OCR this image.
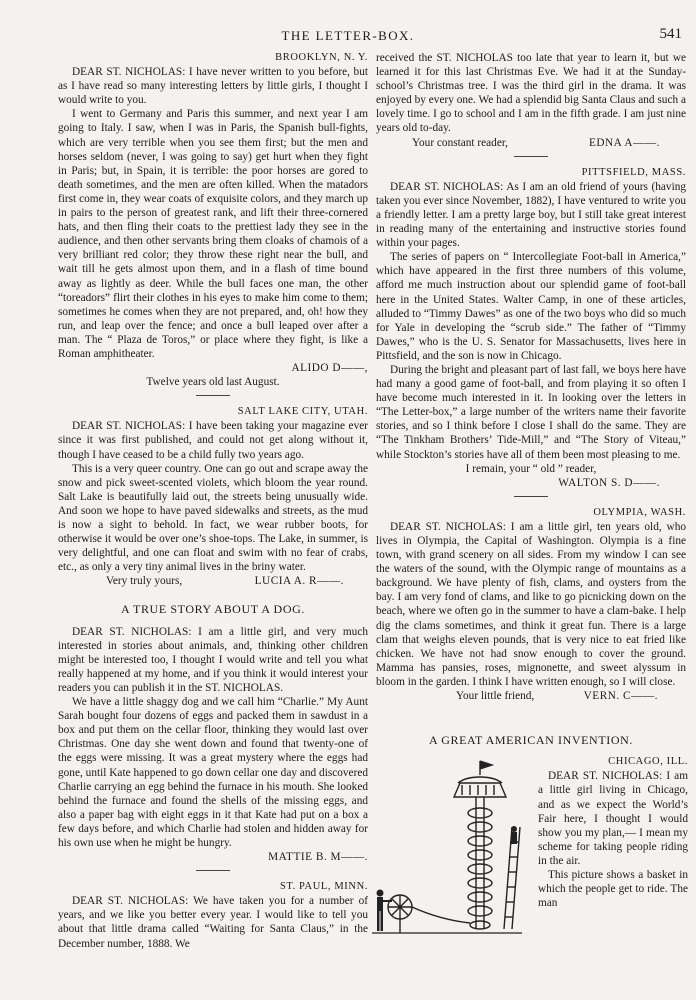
THE LETTER-BOX.	541

BROOKLYN, N. Y.

DEAR ST. NICHOLAS: I have never written to you before, but as I have read so many interesting letters by little girls, I thought I would write to you.

I went to Germany and Paris this summer, and next year I am going to Italy. I saw, when I was in Paris, the Spanish bull-fights, which are very terrible when you see them first; but the men and horses seldom (never, I was going to say) get hurt when they fight in Paris; but, in Spain, it is terrible: the poor horses are gored to death sometimes, and the men are often killed. When the matadors first come in, they wear coats of exquisite colors, and they march up in pairs to the person of greatest rank, and lift their three-cornered hats, and then fling their coats to the prettiest lady they see in the audience, and then other servants bring them cloaks of chamois of a very brilliant red color; they throw these right near the bull, and wait till he gets almost upon them, and in a flash of time bound away as lightly as deer. While the bull faces one man, the other “toreadors” flirt their clothes in his eyes to make him come to them; sometimes he comes when they are not prepared, and, oh! how they run, and leap over the fence; and once a bull leaped over after a man. The “ Plaza de Toros,” or place where they fight, is like a Roman amphitheater.

ALIDO D——,

Twelve years old last August.

SALT LAKE CITY, UTAH.

DEAR ST. NICHOLAS: I have been taking your magazine ever since it was first published, and could not get along without it, though I have ceased to be a child fully two years ago.

This is a very queer country. One can go out and scrape away the snow and pick sweet-scented violets, which bloom the year round. Salt Lake is beautifully laid out, the streets being unusually wide. And soon we hope to have paved sidewalks and streets, as the mud is now a sight to behold. In fact, we wear rubber boots, for otherwise it would be over one’s shoe-tops. The Lake, in summer, is very delightful, and one can float and swim with no fear of crabs, etc., as only a very tiny animal lives in the briny water.

Very truly yours,	LUCIA A. R——.

A TRUE STORY ABOUT A DOG.

DEAR ST. NICHOLAS: I am a little girl, and very much interested in stories about animals, and, thinking other children might be interested too, I thought I would write and tell you what really happened at my home, and if you think it would interest your readers you can publish it in the ST. NICHOLAS.

We have a little shaggy dog and we call him “Charlie.” My Aunt Sarah bought four dozens of eggs and packed them in sawdust in a box and put them on the cellar floor, thinking they would last over Christmas. One day she went down and found that twenty-one of the eggs were missing. It was a great mystery where the eggs had gone, until Kate happened to go down cellar one day and discovered Charlie carrying an egg behind the furnace in his mouth. She looked behind the furnace and found the shells of the missing eggs, and also a paper bag with eight eggs in it that Kate had put on a box a few days before, and which Charlie had stolen and hidden away for his own use when he might be hungry.

MATTIE B. M——.

ST. PAUL, MINN.

DEAR ST. NICHOLAS: We have taken you for a number of years, and we like you better every year. I would like to tell you about that little drama called “Waiting for Santa Claus,” in the December number, 1888. We

received the ST. NICHOLAS too late that year to learn it, but we learned it for this last Christmas Eve. We had it at the Sunday-school’s Christmas tree. I was the third girl in the drama. It was enjoyed by every one. We had a splendid big Santa Claus and such a lovely time. I go to school and I am in the fifth grade. I am just nine years old to-day.

Your constant reader,	EDNA A——.

PITTSFIELD, MASS.

DEAR ST. NICHOLAS: As I am an old friend of yours (having taken you ever since November, 1882), I have ventured to write you a friendly letter. I am a pretty large boy, but I still take great interest in reading many of the entertaining and instructive stories found within your pages.

The series of papers on “ Intercollegiate Foot-ball in America,” which have appeared in the first three numbers of this volume, afford me much instruction about our splendid game of foot-ball here in the United States. Walter Camp, in one of these articles, alluded to “Timmy Dawes” as one of the two boys who did so much for Yale in developing the “scrub side.” The father of “Timmy Dawes,” who is the U. S. Senator for Massachusetts, lives here in Pittsfield, and the son is now in Chicago.

During the bright and pleasant part of last fall, we boys here have had many a good game of foot-ball, and from playing it so often I have become much interested in it. In looking over the letters in “The Letter-box,” a large number of the writers name their favorite stories, and so I think before I close I shall do the same. They are “The Tinkham Brothers’ Tide-Mill,” and “The Story of Viteau,” while Stockton’s stories have all of them been most pleasing to me.

I remain, your “ old ” reader,

WALTON S. D——.

OLYMPIA, WASH.

DEAR ST. NICHOLAS: I am a little girl, ten years old, who lives in Olympia, the Capital of Washington. Olympia is a fine town, with grand scenery on all sides. From my window I can see the waters of the sound, with the Olympic range of mountains as a background. We have plenty of fish, clams, and oysters from the bay. I am very fond of clams, and like to go picnicking down on the beach, where we often go in the summer to have a clam-bake. I help dig the clams sometimes, and think it great fun. There is a large clam that weighs eleven pounds, that is very nice to eat fried like chicken. We have not had snow enough to cover the ground. Mamma has pansies, roses, mignonette, and sweet alyssum in bloom in the garden. I think I have written enough, so I will close.

Your little friend,	VERN. C——.

A GREAT AMERICAN INVENTION.

CHICAGO, ILL.

DEAR ST. NICHOLAS: I am a little girl living in Chicago, and as we expect the World’s Fair here, I thought I would show you my plan,— I mean my scheme for taking people riding in the air.

This picture shows a basket in which the people get to ride. The man
